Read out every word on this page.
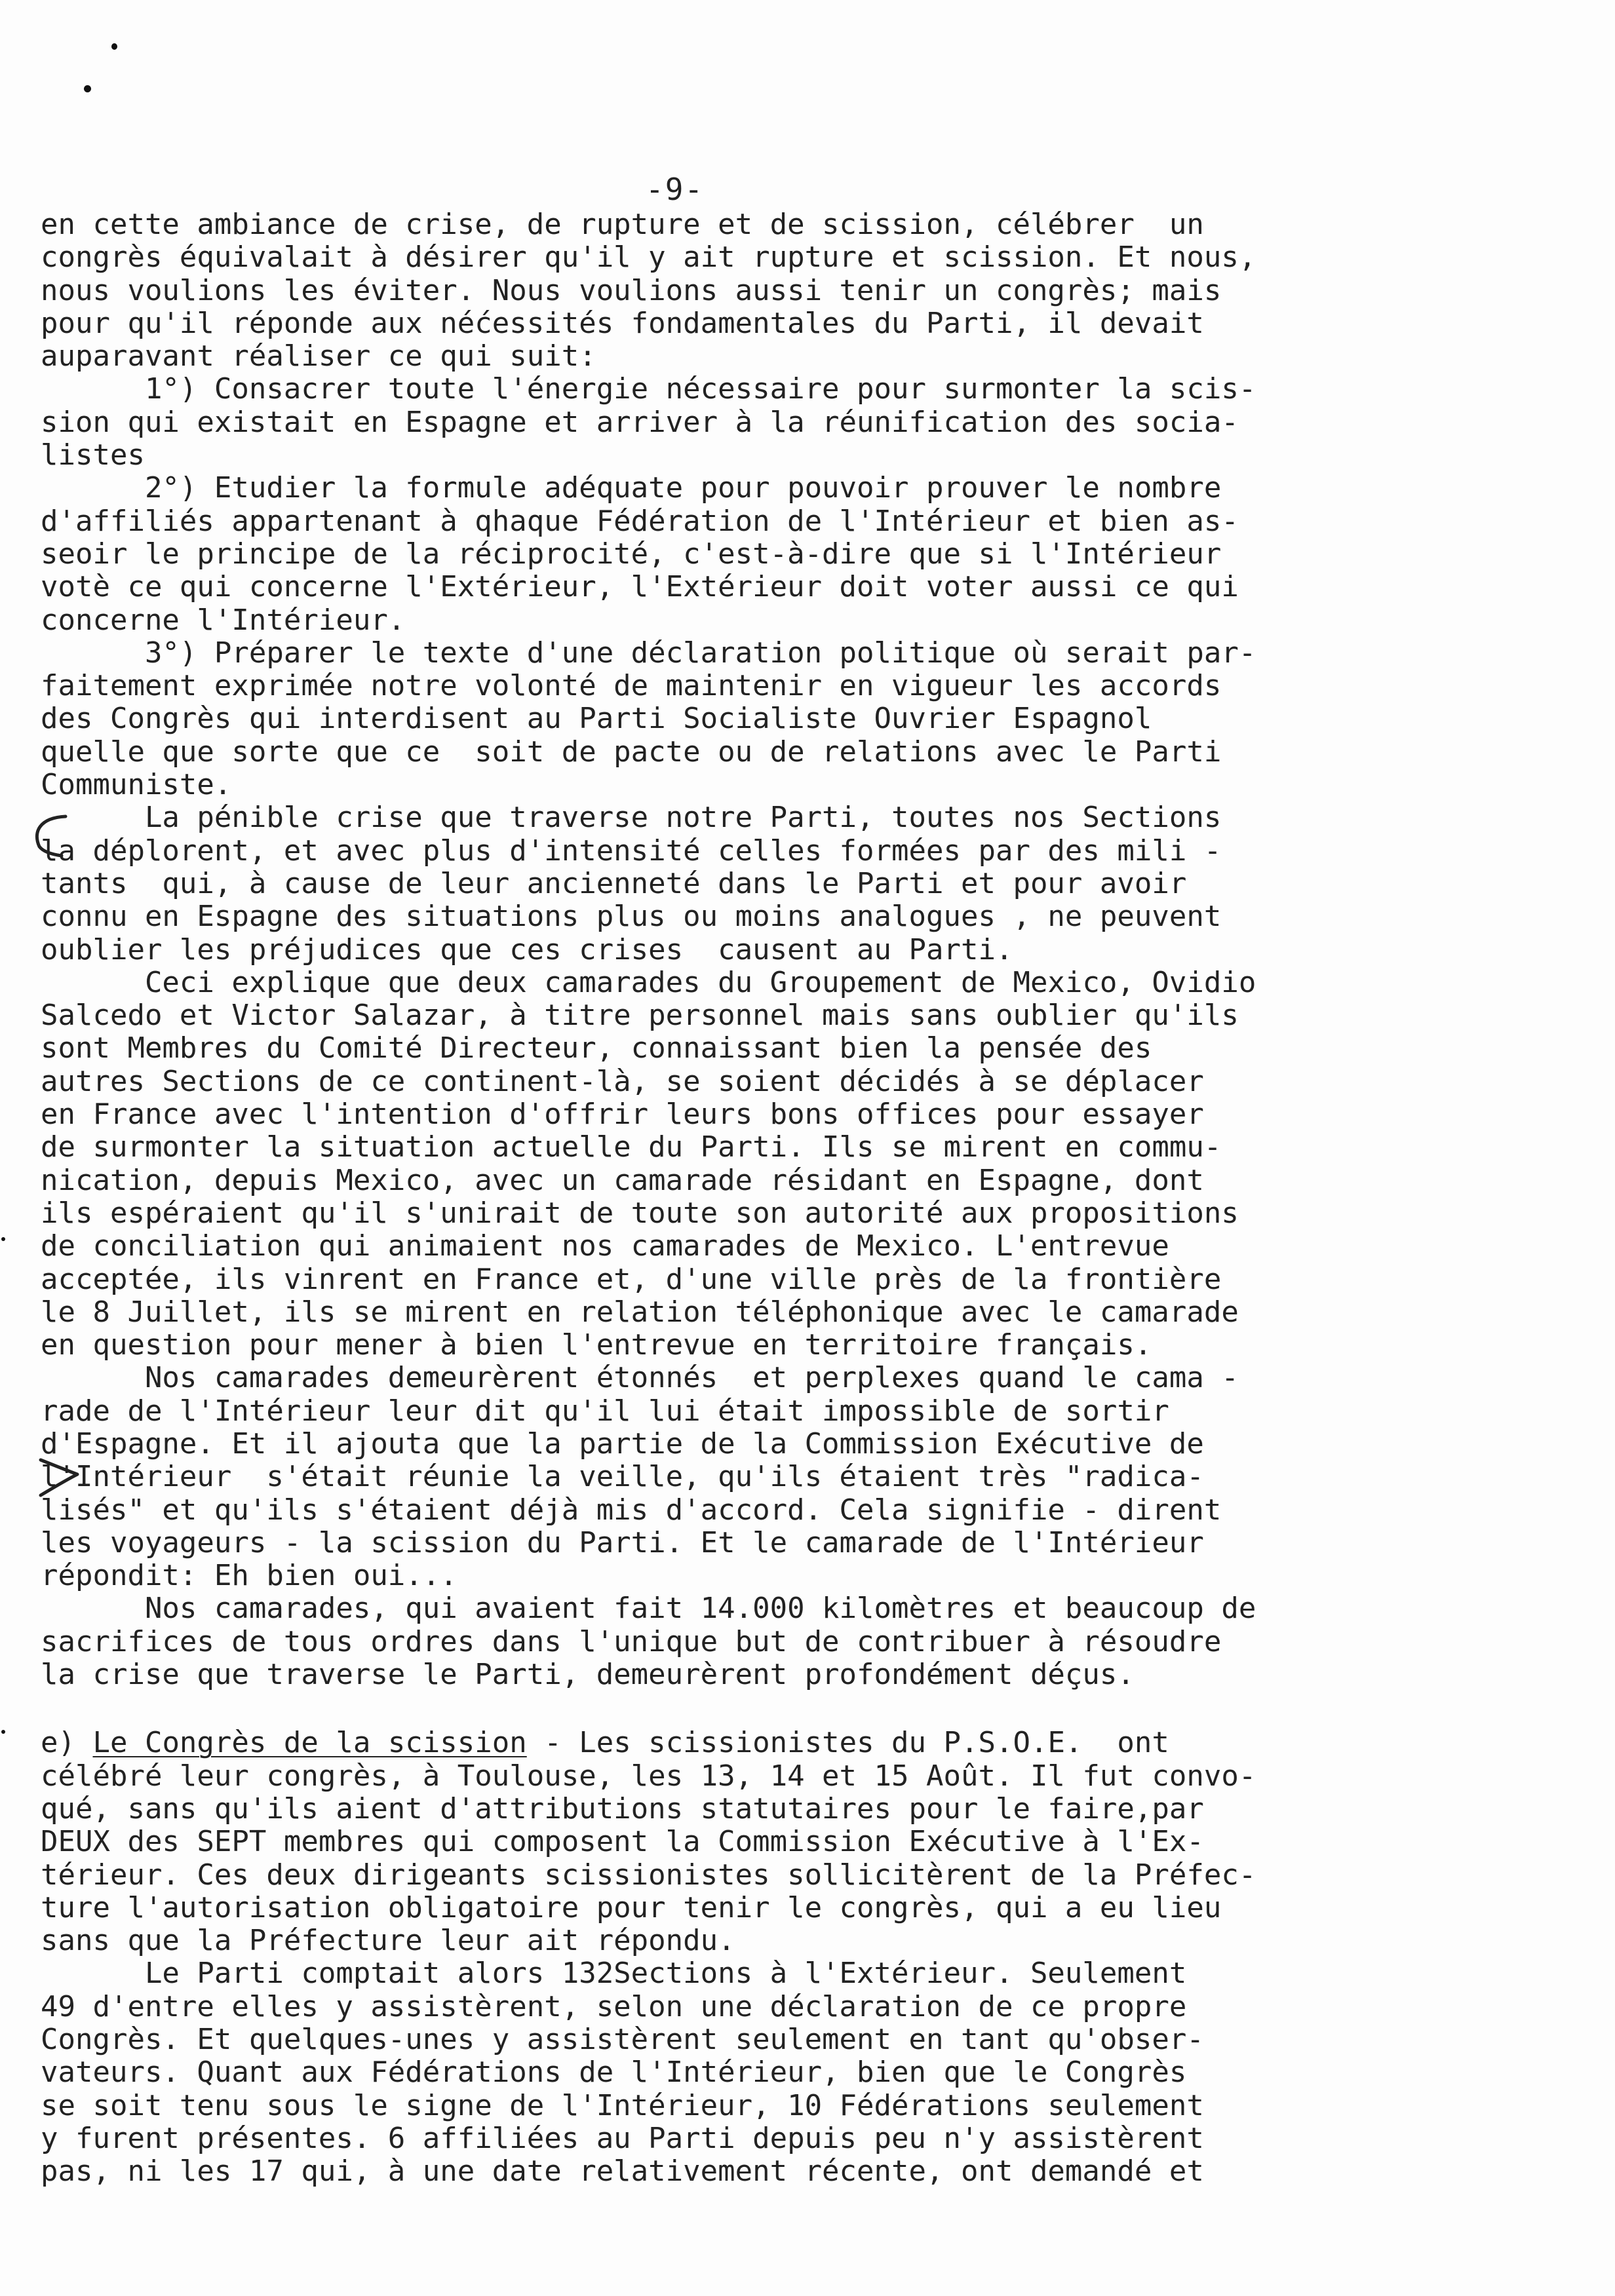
-9-
en cette ambiance de crise, de rupture et de scission, célébrer  un
congrès équivalait à désirer qu'il y ait rupture et scission. Et nous,
nous voulions les éviter. Nous voulions aussi tenir un congrès; mais
pour qu'il réponde aux néćessités fondamentales du Parti, il devait
auparavant réaliser ce qui suit:
1°) Consacrer toute l'énergie nécessaire pour surmonter la scis-
sion qui existait en Espagne et arriver à la réunification des socia-
listes
2°) Etudier la formule adéquate pour pouvoir prouver le nombre
d'affiliés appartenant à qhaque Fédération de l'Intérieur et bien as-
seoir le principe de la réciprocité, c'est-à-dire que si l'Intérieur
votè ce qui concerne l'Extérieur, l'Extérieur doit voter aussi ce qui
concerne l'Intérieur.
3°) Préparer le texte d'une déclaration politique où serait par-
faitement exprimée notre volonté de maintenir en vigueur les accords
des Congrès qui interdisent au Parti Socialiste Ouvrier Espagnol
quelle que sorte que ce  soit de pacte ou de relations avec le Parti
Communiste.
La pénible crise que traverse notre Parti, toutes nos Sections
la déplorent, et avec plus d'intensité celles formées par des mili -
tants  qui, à cause de leur ancienneté dans le Parti et pour avoir
connu en Espagne des situations plus ou moins analogues , ne peuvent
oublier les préjudices que ces crises  causent au Parti.
Ceci explique que deux camarades du Groupement de Mexico, Ovidio
Salcedo et Victor Salazar, à titre personnel mais sans oublier qu'ils
sont Membres du Comité Directeur, connaissant bien la pensée des
autres Sections de ce continent-là, se soient décidés à se déplacer
en France avec l'intention d'offrir leurs bons offices pour essayer
de surmonter la situation actuelle du Parti. Ils se mirent en commu-
nication, depuis Mexico, avec un camarade résidant en Espagne, dont
ils espéraient qu'il s'unirait de toute son autorité aux propositions
de conciliation qui animaient nos camarades de Mexico. L'entrevue
acceptée, ils vinrent en France et, d'une ville près de la frontière
le 8 Juillet, ils se mirent en relation téléphonique avec le camarade
en question pour mener à bien l'entrevue en territoire français.
Nos camarades demeurèrent étonnés  et perplexes quand le cama -
rade de l'Intérieur leur dit qu'il lui était impossible de sortir
d'Espagne. Et il ajouta que la partie de la Commission Exécutive de
l'Intérieur  s'était réunie la veille, qu'ils étaient très "radica-
lisés" et qu'ils s'étaient déjà mis d'accord. Cela signifie - dirent
les voyageurs - la scission du Parti. Et le camarade de l'Intérieur
répondit: Eh bien oui...
Nos camarades, qui avaient fait 14.000 kilomètres et beaucoup de
sacrifices de tous ordres dans l'unique but de contribuer à résoudre
la crise que traverse le Parti, demeurèrent profondément déçus.
e) Le Congrès de la scission - Les scissionistes du P.S.O.E.  ont
célébré leur congrès, à Toulouse, les 13, 14 et 15 Août. Il fut convo-
qué, sans qu'ils aient d'attributions statutaires pour le faire,par
DEUX des SEPT membres qui composent la Commission Exécutive à l'Ex-
térieur. Ces deux dirigeants scissionistes sollicitèrent de la Préfec-
ture l'autorisation obligatoire pour tenir le congrès, qui a eu lieu
sans que la Préfecture leur ait répondu.
Le Parti comptait alors 132Sections à l'Extérieur. Seulement
49 d'entre elles y assistèrent, selon une déclaration de ce propre
Congrès. Et quelques-unes y assistèrent seulement en tant qu'obser-
vateurs. Quant aux Fédérations de l'Intérieur, bien que le Congrès
se soit tenu sous le signe de l'Intérieur, 10 Fédérations seulement
y furent présentes. 6 affiliées au Parti depuis peu n'y assistèrent
pas, ni les 17 qui, à une date relativement récente, ont demandé et
